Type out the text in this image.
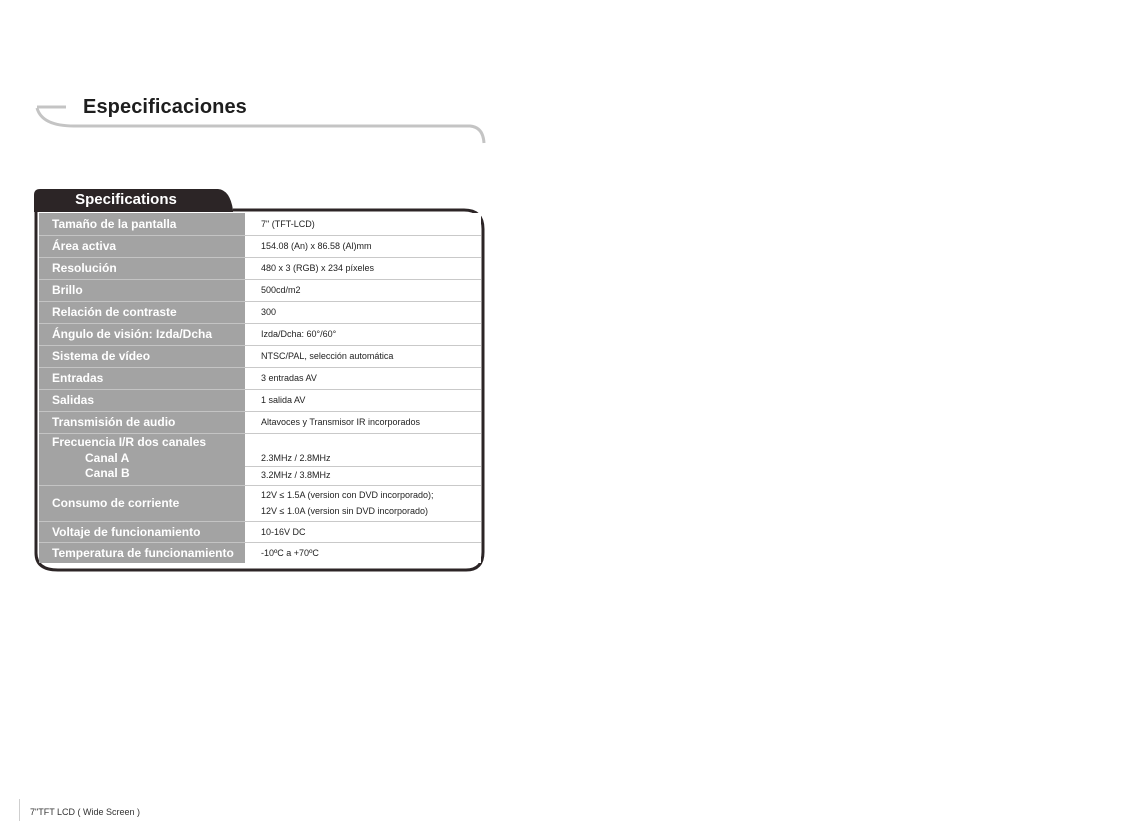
Especificaciones
Specifications
Tamaño de la pantalla	7" (TFT-LCD)
Área activa	154.08 (An) x 86.58 (Al)mm
Resolución	480 x 3 (RGB) x 234 píxeles
Brillo	500cd/m2
Relación de contraste	300
Ángulo de visión: Izda/Dcha	Izda/Dcha: 60°/60°
Sistema de vídeo	NTSC/PAL, selección automática
Entradas	3 entradas AV
Salidas	1 salida AV
Transmisión de audio	Altavoces y Transmisor IR incorporados
Frecuencia I/R dos canales	

Canal A	2.3MHz / 2.8MHz

Canal B	3.2MHz / 3.8MHz
Consumo de corriente	12V ≤ 1.5A (version con DVD incorporado);
12V ≤ 1.0A (version sin DVD incorporado)

Voltaje de funcionamiento	10-16V DC
Temperatura de funcionamiento	-10ºC a +70ºC
7"TFT LCD ( Wide Screen )
